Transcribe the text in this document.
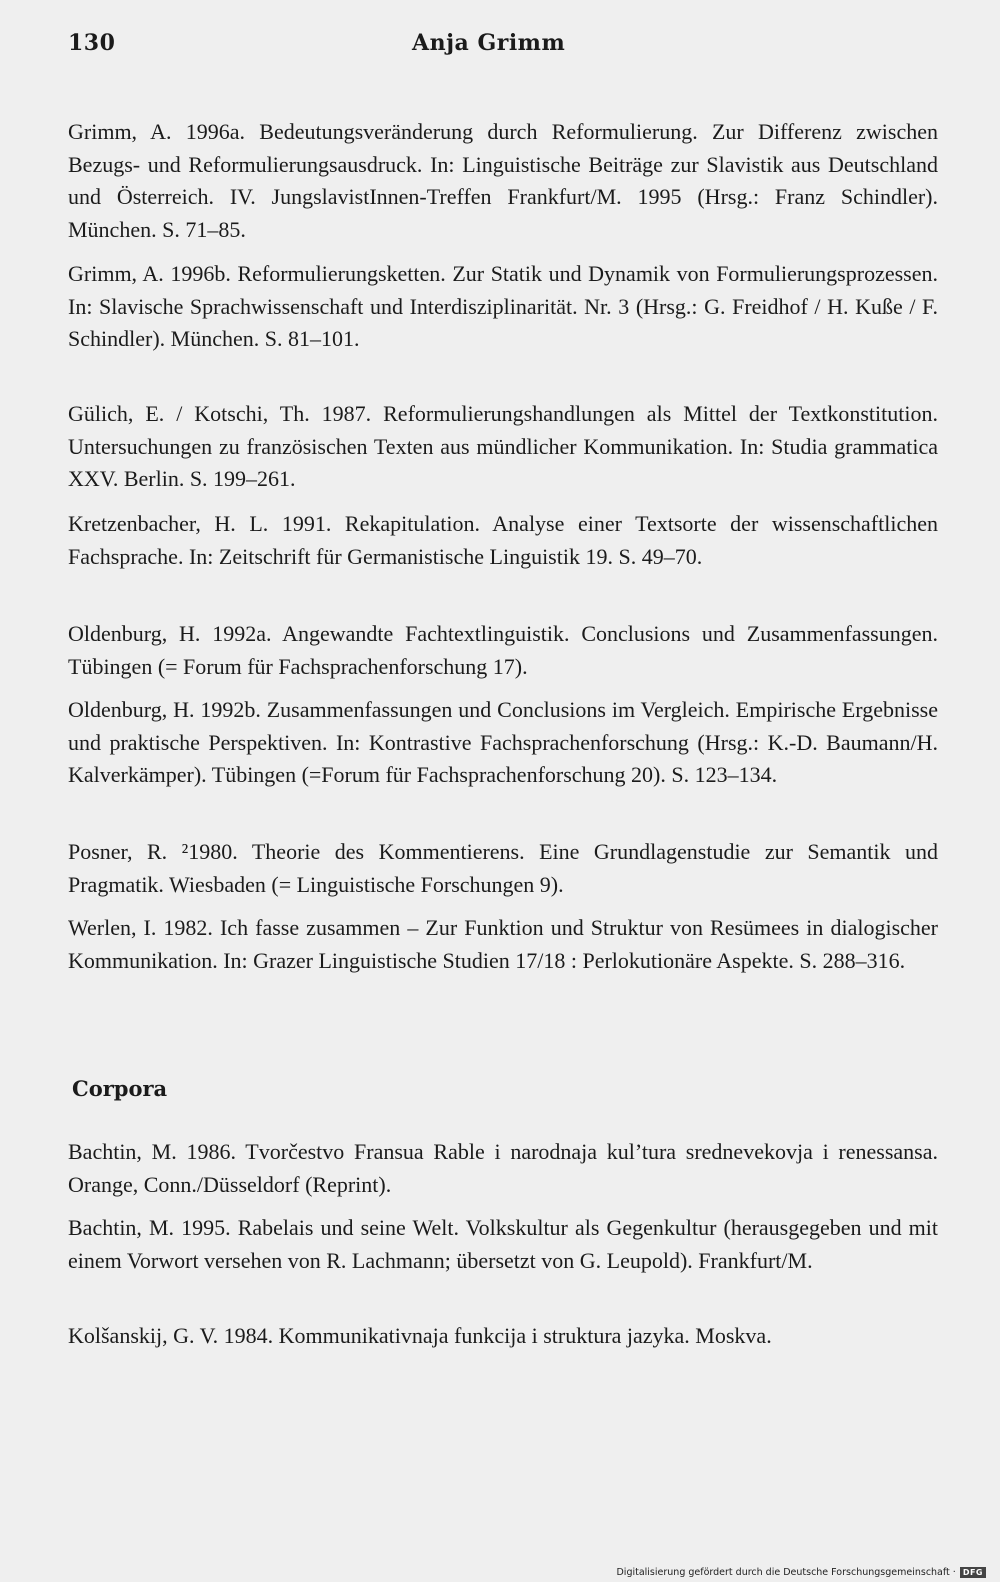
130	Anja Grimm

Grimm, A. 1996a. Bedeutungsveränderung durch Reformulierung. Zur Differenz zwischen Bezugs- und Reformulierungsausdruck. In: Linguistische Beiträge zur Slavistik aus Deutschland und Österreich. IV. JungslavistInnen-Treffen Frankfurt/M. 1995 (Hrsg.: Franz Schindler). München. S. 71–85.

Grimm, A. 1996b. Reformulierungsketten. Zur Statik und Dynamik von Formulierungsprozessen. In: Slavische Sprachwissenschaft und Interdisziplinarität. Nr. 3 (Hrsg.: G. Freidhof / H. Kuße / F. Schindler). München. S. 81–101.

Gülich, E. / Kotschi, Th. 1987. Reformulierungshandlungen als Mittel der Textkonstitution. Untersuchungen zu französischen Texten aus mündlicher Kommunikation. In: Studia grammatica XXV. Berlin. S. 199–261.

Kretzenbacher, H. L. 1991. Rekapitulation. Analyse einer Textsorte der wissenschaftlichen Fachsprache. In: Zeitschrift für Germanistische Linguistik 19. S. 49–70.

Oldenburg, H. 1992a. Angewandte Fachtextlinguistik. Conclusions und Zusammenfassungen. Tübingen (= Forum für Fachsprachenforschung 17).

Oldenburg, H. 1992b. Zusammenfassungen und Conclusions im Vergleich. Empirische Ergebnisse und praktische Perspektiven. In: Kontrastive Fachsprachenforschung (Hrsg.: K.-D. Baumann/H. Kalverkämper). Tübingen (=Forum für Fachsprachenforschung 20). S. 123–134.

Posner, R. ²1980. Theorie des Kommentierens. Eine Grundlagenstudie zur Semantik und Pragmatik. Wiesbaden (= Linguistische Forschungen 9).

Werlen, I. 1982. Ich fasse zusammen – Zur Funktion und Struktur von Resümees in dialogischer Kommunikation. In: Grazer Linguistische Studien 17/18 : Perlokutionäre Aspekte. S. 288–316.

Corpora

Bachtin, M. 1986. Tvorčestvo Fransua Rable i narodnaja kul’tura srednevekovja i renessansa. Orange, Conn./Düsseldorf (Reprint).

Bachtin, M. 1995. Rabelais und seine Welt. Volkskultur als Gegenkultur (herausgegeben und mit einem Vorwort versehen von R. Lachmann; übersetzt von G. Leupold). Frankfurt/M.

Kolšanskij, G. V. 1984. Kommunikativnaja funkcija i struktura jazyka. Moskva.

Digitalisierung gefördert durch die Deutsche Forschungsgemeinschaft · DFG
